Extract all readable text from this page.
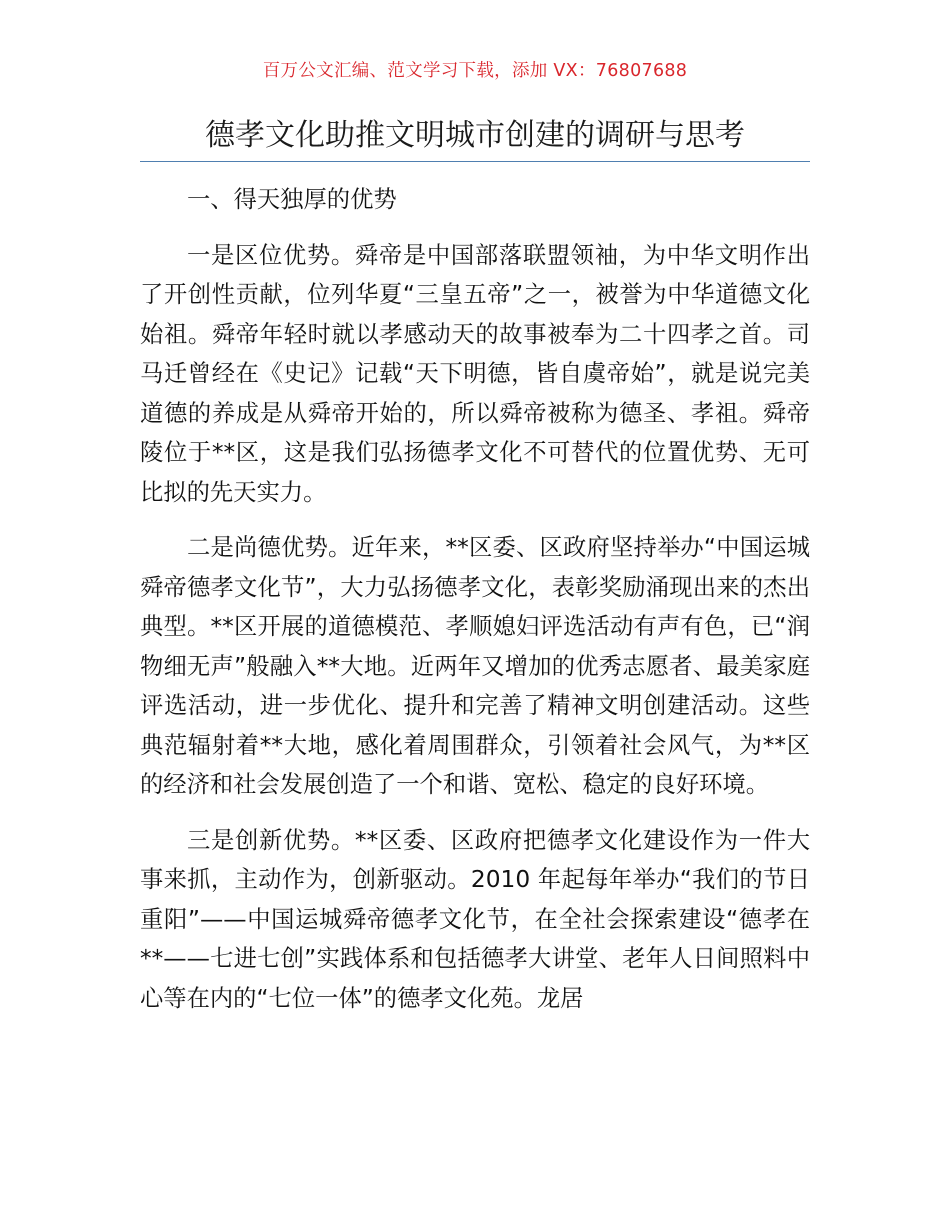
百万公文汇编、范文学习下载，添加 VX：76807688
德孝文化助推文明城市创建的调研与思考

一、得天独厚的优势

一是区位优势。舜帝是中国部落联盟领袖，为中华文明作出了开创性贡献，位列华夏“三皇五帝”之一，被誉为中华道德文化始祖。舜帝年轻时就以孝感动天的故事被奉为二十四孝之首。司马迁曾经在《史记》记载“天下明德，皆自虞帝始”，就是说完美道德的养成是从舜帝开始的，所以舜帝被称为德圣、孝祖。舜帝陵位于**区，这是我们弘扬德孝文化不可替代的位置优势、无可比拟的先天实力。

二是尚德优势。近年来，**区委、区政府坚持举办“中国运城舜帝德孝文化节”，大力弘扬德孝文化，表彰奖励涌现出来的杰出典型。**区开展的道德模范、孝顺媳妇评选活动有声有色，已“润物细无声”般融入**大地。近两年又增加的优秀志愿者、最美家庭评选活动，进一步优化、提升和完善了精神文明创建活动。这些典范辐射着**大地，感化着周围群众，引领着社会风气，为**区的经济和社会发展创造了一个和谐、宽松、稳定的良好环境。

三是创新优势。**区委、区政府把德孝文化建设作为一件大事来抓，主动作为，创新驱动。2010 年起每年举办“我们的节日重阳”——中国运城舜帝德孝文化节，在全社会探索建设“德孝在**——七进七创”实践体系和包括德孝大讲堂、老年人日间照料中心等在内的“七位一体”的德孝文化苑。龙居
